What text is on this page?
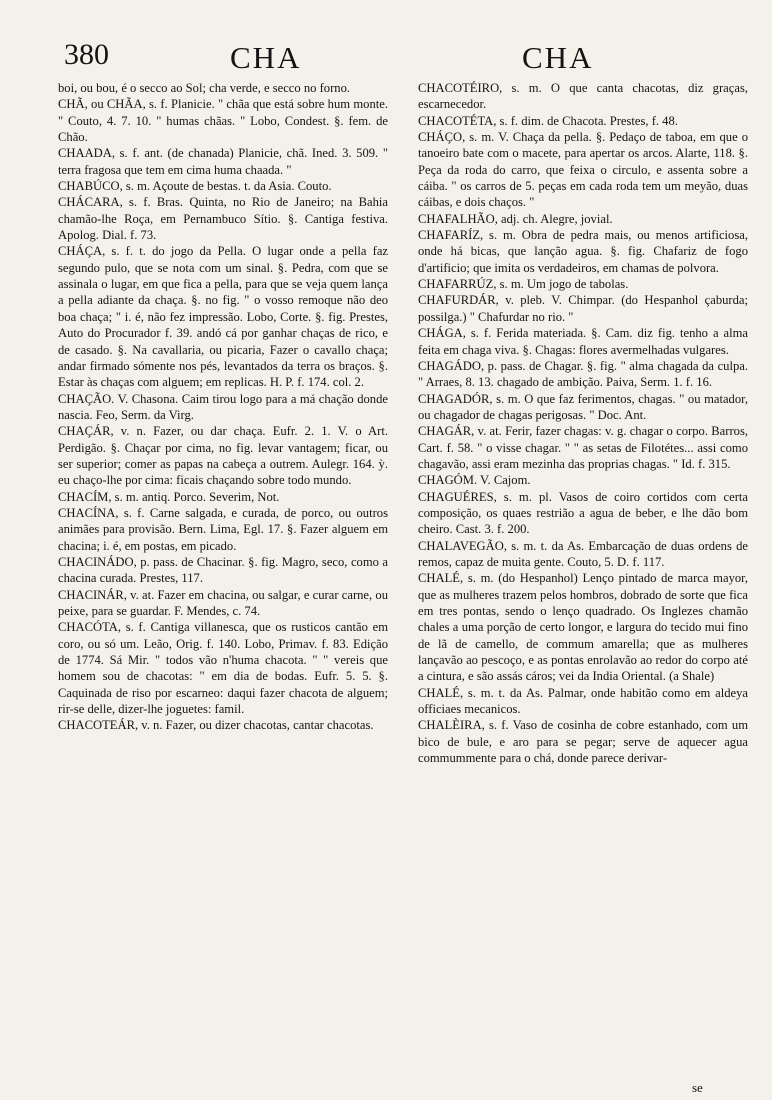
380	CHA	CHA

boi, ou bou, é o secco ao Sol; cha verde, e secco no forno.

CHÃ, ou CHÃA, s. f. Planicie. " chãa que está sobre hum monte. " Couto, 4. 7. 10. " humas chãas. " Lobo, Condest. §. fem. de Chão.

CHAADA, s. f. ant. (de chanada) Planicie, chã. Ined. 3. 509. " terra fragosa que tem em cima huma chaada. "

CHABÚCO, s. m. Açoute de bestas. t. da Asia. Couto.

CHÁCARA, s. f. Bras. Quinta, no Rio de Janeiro; na Bahia chamão-lhe Roça, em Pernambuco Sítio. §. Cantiga festiva. Apolog. Dial. f. 73.

CHÁÇA, s. f. t. do jogo da Pella. O lugar onde a pella faz segundo pulo, que se nota com um sinal. §. Pedra, com que se assinala o lugar, em que fica a pella, para que se veja quem lança a pella adiante da chaça. §. no fig. " o vosso remoque não deo boa chaça; " i. é, não fez impressão. Lobo, Corte. §. fig. Prestes, Auto do Procurador f. 39. andó cá por ganhar chaças de rico, e de casado. §. Na cavallaria, ou picaria, Fazer o cavallo chaça; andar firmado sómente nos pés, levantados da terra os braços. §. Estar às chaças com alguem; em replicas. H. P. f. 174. col. 2.

CHAÇÃO. V. Chasona. Caim tirou logo para a má chação donde nascia. Feo, Serm. da Virg.

CHAÇÁR, v. n. Fazer, ou dar chaça. Eufr. 2. 1. V. o Art. Perdigão. §. Chaçar por cima, no fig. levar vantagem; ficar, ou ser superior; comer as papas na cabeça a outrem. Aulegr. 164. ỳ. eu chaço-lhe por cima: ficais chaçando sobre todo mundo.

CHACÍM, s. m. antiq. Porco. Severim, Not.

CHACÍNA, s. f. Carne salgada, e curada, de porco, ou outros animães para provisão. Bern. Lima, Egl. 17. §. Fazer alguem em chacina; i. é, em postas, em picado.

CHACINÁDO, p. pass. de Chacinar. §. fig. Magro, seco, como a chacina curada. Prestes, 117.

CHACINÁR, v. at. Fazer em chacina, ou salgar, e curar carne, ou peixe, para se guardar. F. Mendes, c. 74.

CHACÓTA, s. f. Cantiga villanesca, que os rusticos cantão em coro, ou só um. Leão, Orig. f. 140. Lobo, Primav. f. 83. Edição de 1774. Sá Mir. " todos vão n'huma chacota. " " vereis que homem sou de chacotas: " em dia de bodas. Eufr. 5. 5. §. Caquinada de riso por escarneo: daqui fazer chacota de alguem; rir-se delle, dizer-lhe joguetes: famil.

CHACOTEÁR, v. n. Fazer, ou dizer chacotas, cantar chacotas.

CHACOTÉIRO, s. m. O que canta chacotas, diz graças, escarnecedor.

CHACOTÉTA, s. f. dim. de Chacota. Prestes, f. 48.

CHÁÇO, s. m. V. Chaça da pella. §. Pedaço de taboa, em que o tanoeiro bate com o macete, para apertar os arcos. Alarte, 118. §. Peça da roda do carro, que feixa o circulo, e assenta sobre a cáiba. " os carros de 5. peças em cada roda tem um meyão, duas cáibas, e dois chaços. "

CHAFALHÃO, adj. ch. Alegre, jovial.

CHAFARÍZ, s. m. Obra de pedra mais, ou menos artificiosa, onde há bicas, que lanção agua. §. fig. Chafariz de fogo d'artificio; que imita os verdadeiros, em chamas de polvora.

CHAFARRÚZ, s. m. Um jogo de tabolas.

CHAFURDÁR, v. pleb. V. Chimpar. (do Hespanhol çaburda; possilga.) " Chafurdar no rio. "

CHÁGA, s. f. Ferida materiada. §. Cam. diz fig. tenho a alma feita em chaga viva. §. Chagas: flores avermelhadas vulgares.

CHAGÁDO, p. pass. de Chagar. §. fig. " alma chagada da culpa. " Arraes, 8. 13. chagado de ambição. Paiva, Serm. 1. f. 16.

CHAGADÓR, s. m. O que faz ferimentos, chagas. " ou matador, ou chagador de chagas perigosas. " Doc. Ant.

CHAGÁR, v. at. Ferir, fazer chagas: v. g. chagar o corpo. Barros, Cart. f. 58. " o visse chagar. " " as setas de Filotétes... assi como chagavão, assi eram mezinha das proprias chagas. " Id. f. 315.

CHAGÓM. V. Cajom.

CHAGUÉRES, s. m. pl. Vasos de coiro cortidos com certa composição, os quaes restrião a agua de beber, e lhe dão bom cheiro. Cast. 3. f. 200.

CHALAVEGÃO, s. m. t. da As. Embarcação de duas ordens de remos, capaz de muita gente. Couto, 5. D. f. 117.

CHALÉ, s. m. (do Hespanhol) Lenço pintado de marca mayor, que as mulheres trazem pelos hombros, dobrado de sorte que fica em tres pontas, sendo o lenço quadrado. Os Inglezes chamão chales a uma porção de certo longor, e largura do tecido mui fino de lã de camello, de commum amarella; que as mulheres lançavão ao pescoço, e as pontas enrolavão ao redor do corpo até a cintura, e são assás cáros; vei da India Oriental. (a Shale)

CHALÉ, s. m. t. da As. Palmar, onde habitão como em aldeya officiaes mecanicos.

CHALÈIRA, s. f. Vaso de cosinha de cobre estanhado, com um bico de bule, e aro para se pegar; serve de aquecer agua commummente para o chá, donde parece derivar-

se
